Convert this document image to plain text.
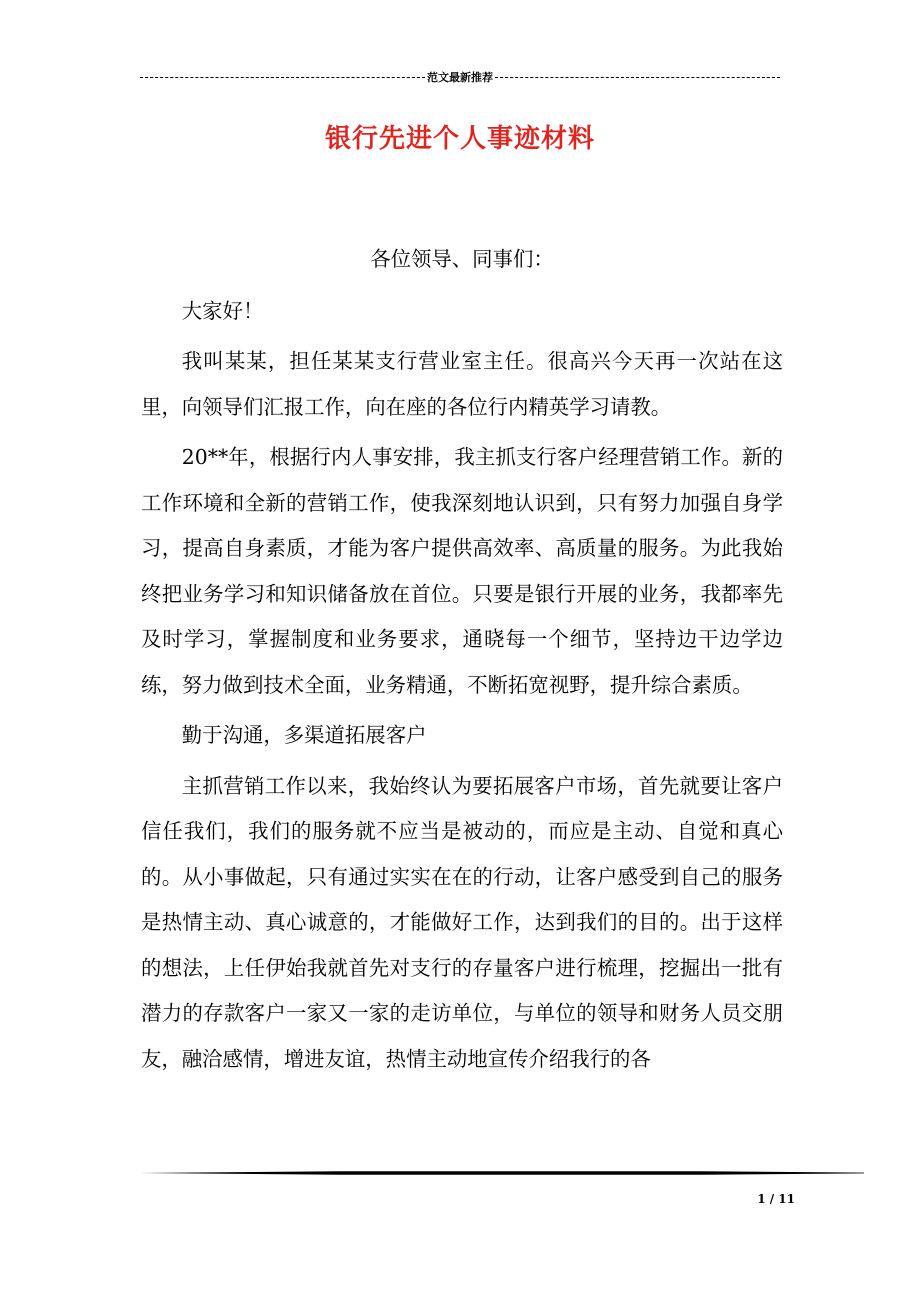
范文最新推荐
银行先进个人事迹材料

各位领导、同事们：

大家好！

我叫某某，担任某某支行营业室主任。很高兴今天再一次站在这里，向领导们汇报工作，向在座的各位行内精英学习请教。

20**年，根据行内人事安排，我主抓支行客户经理营销工作。新的工作环境和全新的营销工作，使我深刻地认识到，只有努力加强自身学习，提高自身素质，才能为客户提供高效率、高质量的服务。为此我始终把业务学习和知识储备放在首位。只要是银行开展的业务，我都率先及时学习，掌握制度和业务要求，通晓每一个细节，坚持边干边学边练，努力做到技术全面，业务精通，不断拓宽视野，提升综合素质。

勤于沟通，多渠道拓展客户

主抓营销工作以来，我始终认为要拓展客户市场，首先就要让客户信任我们，我们的服务就不应当是被动的，而应是主动、自觉和真心的。从小事做起，只有通过实实在在的行动，让客户感受到自己的服务是热情主动、真心诚意的，才能做好工作，达到我们的目的。出于这样的想法，上任伊始我就首先对支行的存量客户进行梳理，挖掘出一批有潜力的存款客户一家又一家的走访单位，与单位的领导和财务人员交朋友，融洽感情，增进友谊，热情主动地宣传介绍我行的各

1 / 11
